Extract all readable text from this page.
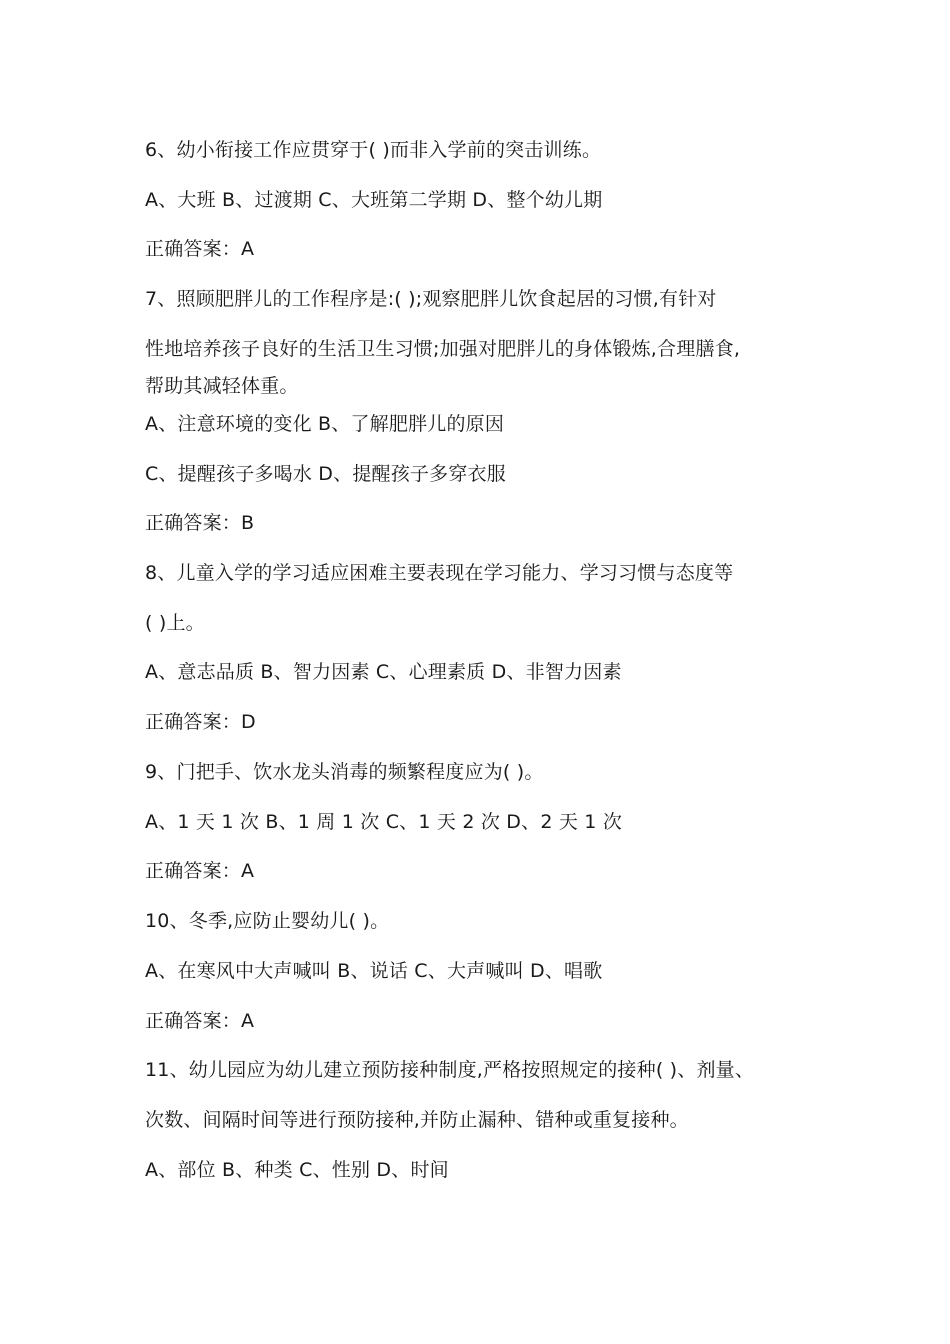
6、幼小衔接工作应贯穿于( )而非入学前的突击训练。
A、大班 B、过渡期 C、大班第二学期 D、整个幼儿期
正确答案：A
7、照顾肥胖儿的工作程序是:( );观察肥胖儿饮食起居的习惯,有针对
性地培养孩子良好的生活卫生习惯;加强对肥胖儿的身体锻炼,合理膳食,
帮助其减轻体重。
A、注意环境的变化 B、了解肥胖儿的原因
C、提醒孩子多喝水 D、提醒孩子多穿衣服
正确答案：B
8、儿童入学的学习适应困难主要表现在学习能力、学习习惯与态度等
( )上。
A、意志品质 B、智力因素 C、心理素质 D、非智力因素
正确答案：D
9、门把手、饮水龙头消毒的频繁程度应为( )。
A、1 天 1 次 B、1 周 1 次 C、1 天 2 次 D、2 天 1 次
正确答案：A
10、冬季,应防止婴幼儿( )。
A、在寒风中大声喊叫 B、说话 C、大声喊叫 D、唱歌
正确答案：A
11、幼儿园应为幼儿建立预防接种制度,严格按照规定的接种( )、剂量、
次数、间隔时间等进行预防接种,并防止漏种、错种或重复接种。
A、部位 B、种类 C、性别 D、时间
